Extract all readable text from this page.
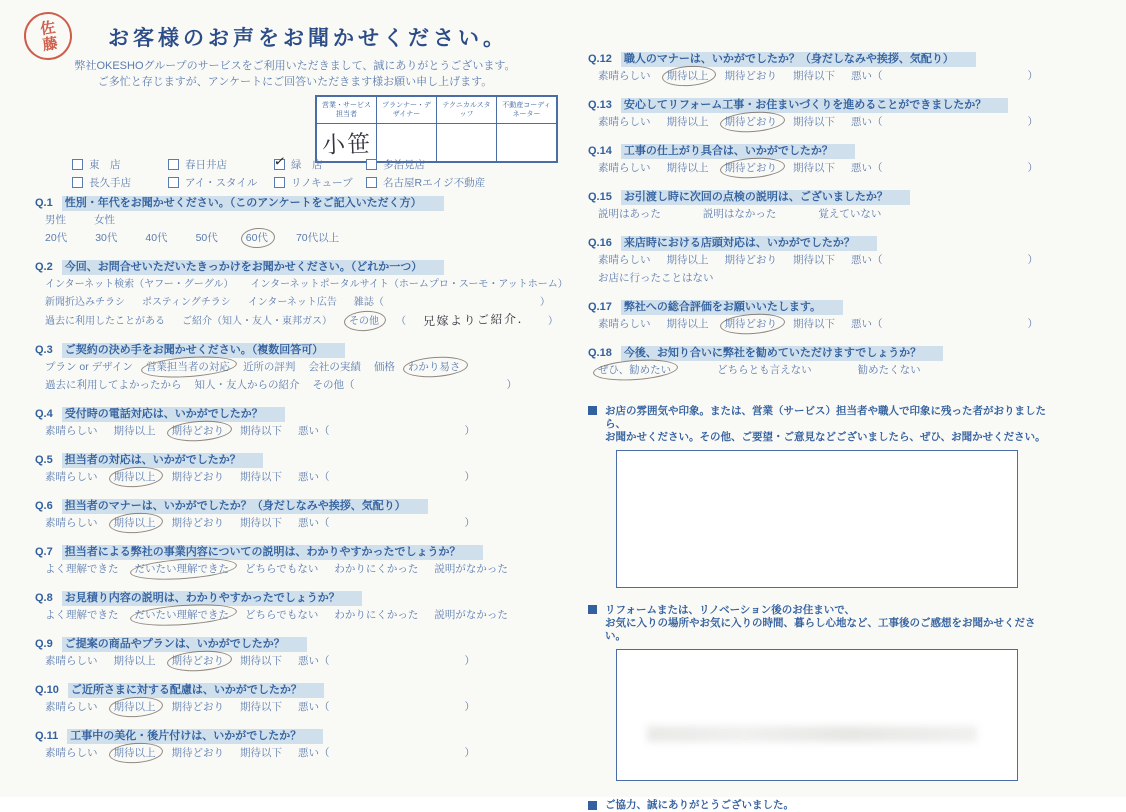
佐藤	お客様のお声をお聞かせください。
弊社OKESHOグループのサービスをご利用いただきまして、誠にありがとうございます。
ご多忙と存じますが、アンケートにご回答いただきます様お願い申し上げます。
営業・サービス担当者	プランナー・デザイナー	テクニカルスタッフ	不動産コーディネーター
小笹			
東　店	春日井店	✓ 緑　店	多治見店
長久手店	アイ・スタイル	リノキューブ	名古屋Rエイジ不動産
Q.1 性別・年代をお聞かせください。（このアンケートをご記入いただく方）
男性	女性
20代	30代	40代	50代	60代	70代以上
Q.2 今回、お問合せいただいたきっかけをお聞かせください。（どれか一つ）
インターネット検索（ヤフー・グーグル） インターネットポータルサイト（ホームプロ・スーモ・アットホーム）
新聞折込みチラシ ポスティングチラシ インターネット広告 雑誌（	）
過去に利用したことがある ご紹介（知人・友人・東邦ガス） その他 （ 兄嫁よりご紹介． ）
Q.3 ご契約の決め手をお聞かせください。（複数回答可）
プラン or デザイン 営業担当者の対応 近所の評判 会社の実績 価格 わかり易さ
過去に利用してよかったから 知人・友人からの紹介 その他（	）
Q.4 受付時の電話対応は、いかがでしたか？
素晴らしい 期待以上 期待どおり 期待以下 悪い（	）
Q.5 担当者の対応は、いかがでしたか？
素晴らしい 期待以上 期待どおり 期待以下 悪い（	）
Q.6 担当者のマナーは、いかがでしたか？（身だしなみや挨拶、気配り）
素晴らしい 期待以上 期待どおり 期待以下 悪い（	）
Q.7 担当者による弊社の事業内容についての説明は、わかりやすかったでしょうか？
よく理解できた だいたい理解できた どちらでもない わかりにくかった 説明がなかった
Q.8 お見積り内容の説明は、わかりやすかったでしょうか？
よく理解できた だいたい理解できた どちらでもない わかりにくかった 説明がなかった
Q.9 ご提案の商品やプランは、いかがでしたか？
素晴らしい 期待以上 期待どおり 期待以下 悪い（	）
Q.10 ご近所さまに対する配慮は、いかがでしたか？
素晴らしい 期待以上 期待どおり 期待以下 悪い（	）
Q.11 工事中の美化・後片付けは、いかがでしたか？
素晴らしい 期待以上 期待どおり 期待以下 悪い（	）
Q.12 職人のマナーは、いかがでしたか？（身だしなみや挨拶、気配り）
素晴らしい 期待以上 期待どおり 期待以下 悪い（	）
Q.13 安心してリフォーム工事・お住まいづくりを進めることができましたか？
素晴らしい 期待以上 期待どおり 期待以下 悪い（	）
Q.14 工事の仕上がり具合は、いかがでしたか？
素晴らしい 期待以上 期待どおり 期待以下 悪い（	）
Q.15 お引渡し時に次回の点検の説明は、ございましたか？
説明はあった	説明はなかった	覚えていない
Q.16 来店時における店頭対応は、いかがでしたか？
素晴らしい 期待以上 期待どおり 期待以下 悪い（	）
お店に行ったことはない
Q.17 弊社への総合評価をお願いいたします。
素晴らしい 期待以上 期待どおり 期待以下 悪い（	）
Q.18 今後、お知り合いに弊社を勧めていただけますでしょうか？
ぜひ、勧めたい	どちらとも言えない	勧めたくない
お店の雰囲気や印象。または、営業（サービス）担当者や職人で印象に残った者がおりましたら、
お聞かせください。その他、ご要望・ご意見などございましたら、ぜひ、お聞かせください。
リフォームまたは、リノベーション後のお住まいで、
お気に入りの場所やお気に入りの時間、暮らし心地など、工事後のご感想をお聞かせください。
ご協力、誠にありがとうございました。
